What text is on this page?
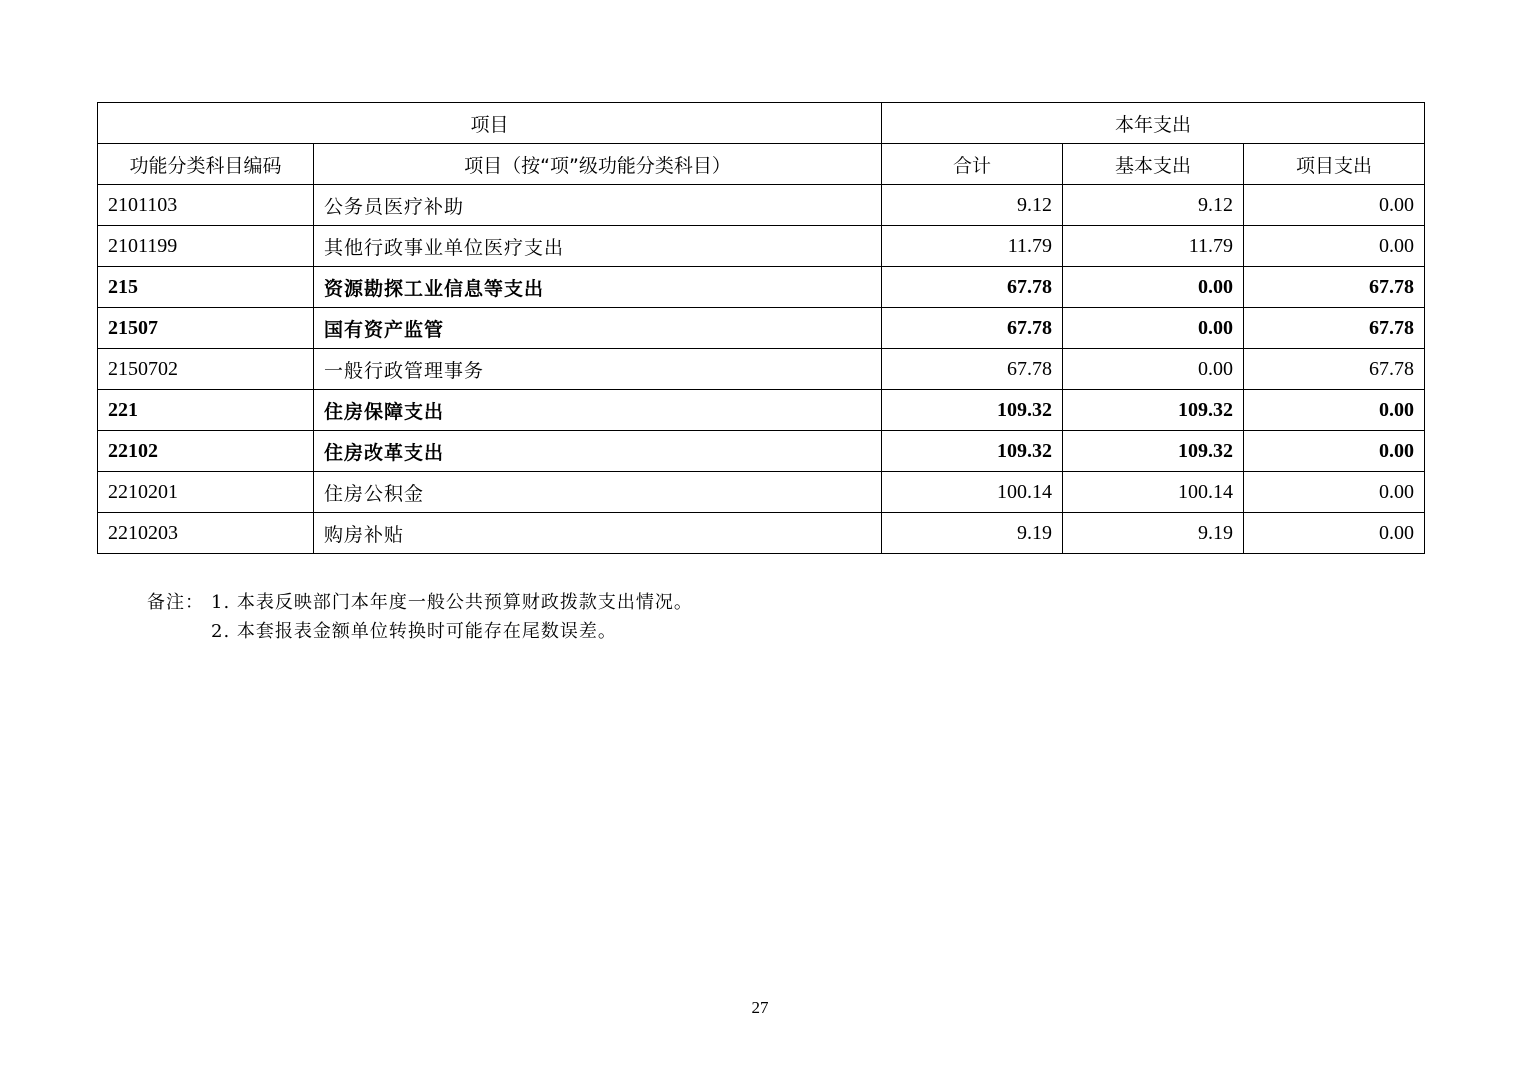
项目		本年支出		
功能分类科目编码	项目（按“项”级功能分类科目）	合计	基本支出	项目支出
2101103	公务员医疗补助	9.12	9.12	0.00
2101199	其他行政事业单位医疗支出	11.79	11.79	0.00
215	资源勘探工业信息等支出	67.78	0.00	67.78
21507	国有资产监管	67.78	0.00	67.78
2150702	一般行政管理事务	67.78	0.00	67.78
221	住房保障支出	109.32	109.32	0.00
22102	住房改革支出	109.32	109.32	0.00
2210201	住房公积金	100.14	100.14	0.00
2210203	购房补贴	9.19	9.19	0.00
备注： 1. 本表反映部门本年度一般公共预算财政拨款支出情况。
2. 本套报表金额单位转换时可能存在尾数误差。
27
